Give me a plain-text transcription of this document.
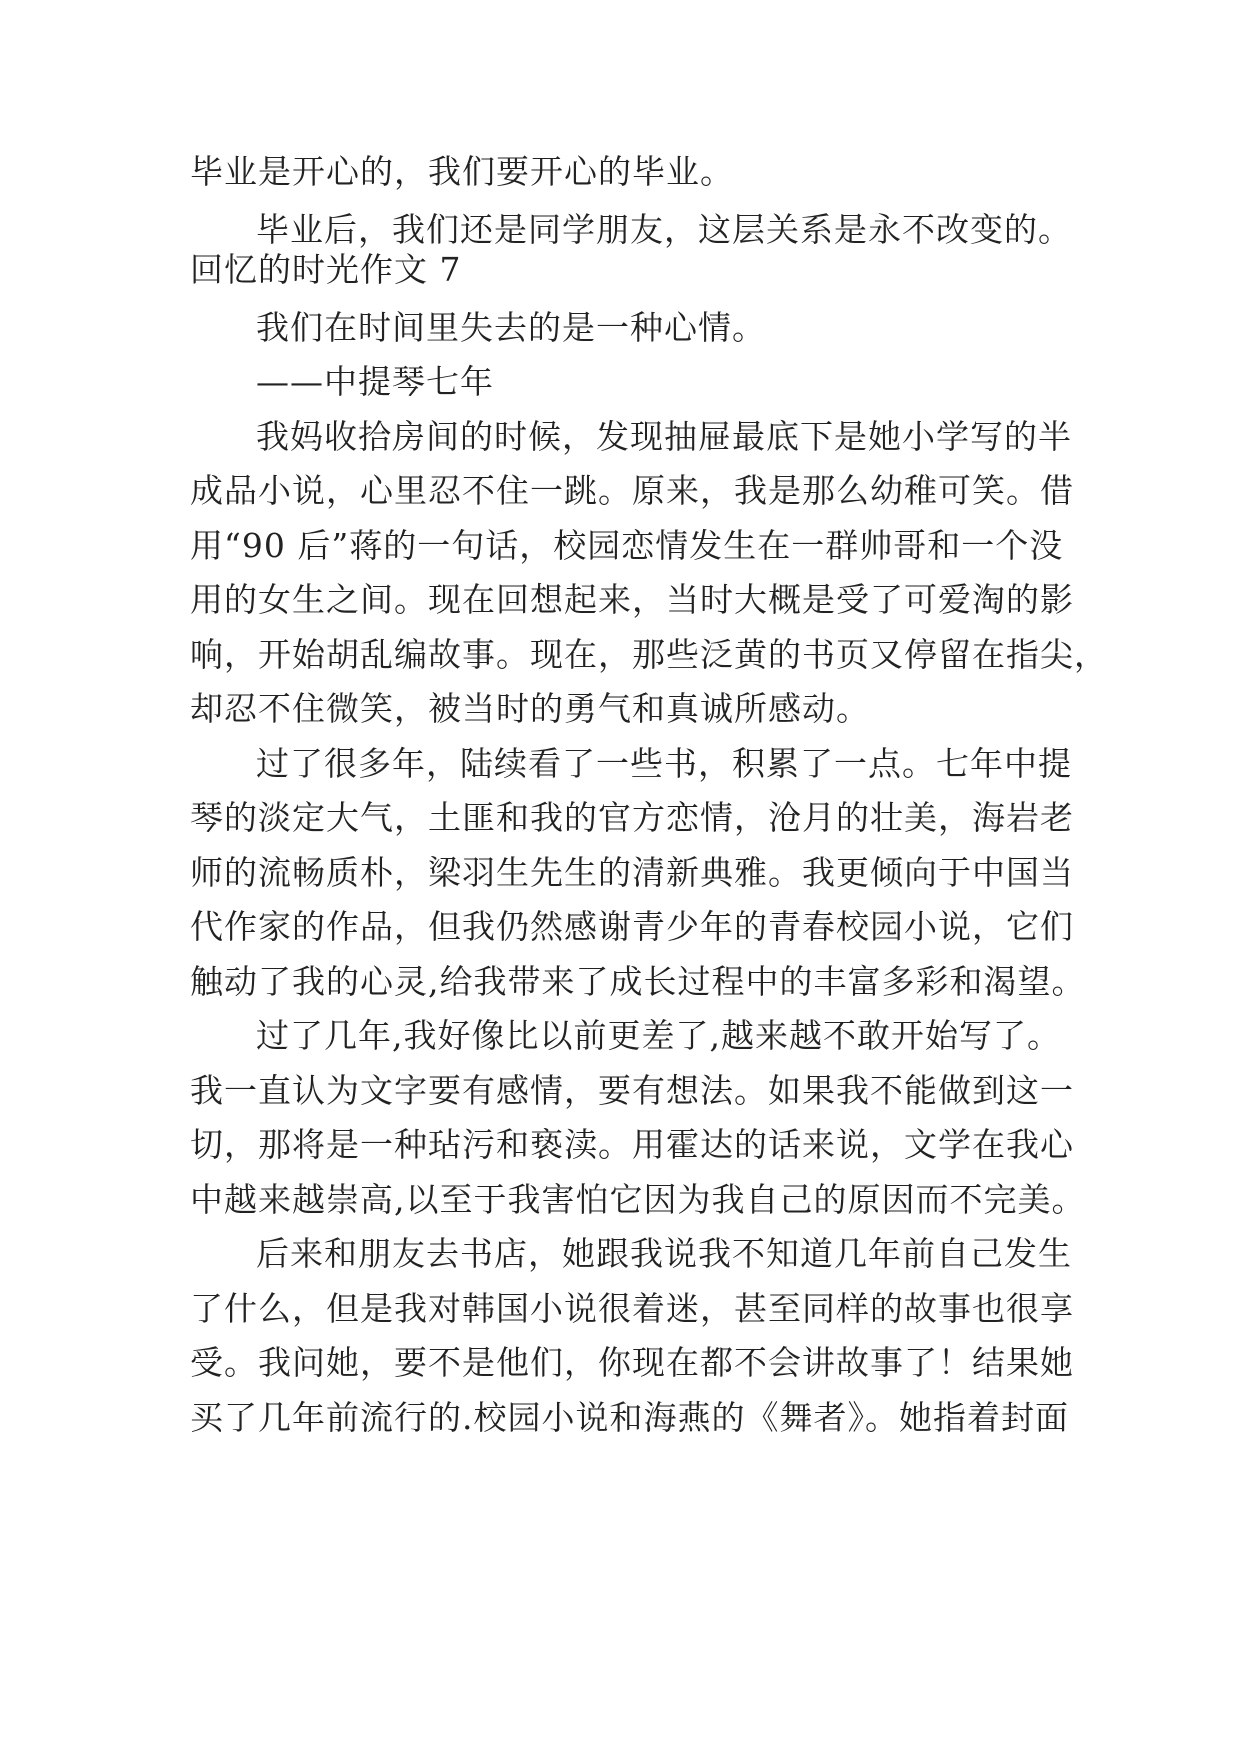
毕业是开心的，我们要开心的毕业。
毕业后，我们还是同学朋友，这层关系是永不改变的。
回忆的时光作文 7
我们在时间里失去的是一种心情。
——中提琴七年
我妈收拾房间的时候，发现抽屉最底下是她小学写的半
成品小说，心里忍不住一跳。原来，我是那么幼稚可笑。借
用“90 后”蒋的一句话，校园恋情发生在一群帅哥和一个没
用的女生之间。现在回想起来，当时大概是受了可爱淘的影
响，开始胡乱编故事。现在，那些泛黄的书页又停留在指尖，
却忍不住微笑，被当时的勇气和真诚所感动。
过了很多年，陆续看了一些书，积累了一点。七年中提
琴的淡定大气，土匪和我的官方恋情，沧月的壮美，海岩老
师的流畅质朴，梁羽生先生的清新典雅。我更倾向于中国当
代作家的作品，但我仍然感谢青少年的青春校园小说，它们
触动了我的心灵,给我带来了成长过程中的丰富多彩和渴望。
过了几年,我好像比以前更差了,越来越不敢开始写了。
我一直认为文字要有感情，要有想法。如果我不能做到这一
切，那将是一种玷污和亵渎。用霍达的话来说，文学在我心
中越来越崇高,以至于我害怕它因为我自己的原因而不完美。
后来和朋友去书店，她跟我说我不知道几年前自己发生
了什么，但是我对韩国小说很着迷，甚至同样的故事也很享
受。我问她，要不是他们，你现在都不会讲故事了！结果她
买了几年前流行的.校园小说和海燕的《舞者》。她指着封面
